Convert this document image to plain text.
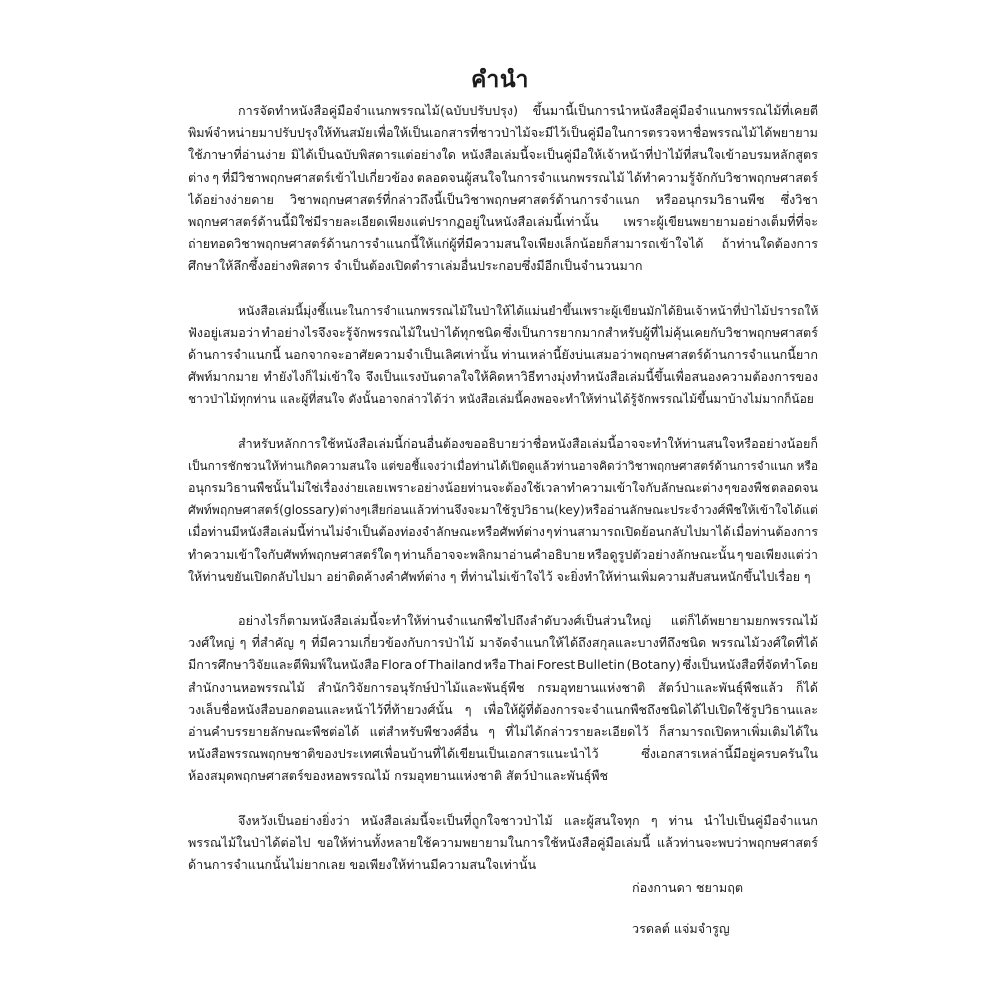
คำนำ
การจัดทำหนังสือคู่มือจำแนกพรรณไม้(ฉบับปรับปรุง) ขึ้นมานี้เป็นการนำหนังสือคู่มือจำแนกพรรณไม้ที่เคยตี
พิมพ์จำหน่ายมาปรับปรุงให้ทันสมัย เพื่อให้เป็นเอกสารที่ชาวป่าไม้จะมีไว้เป็นคู่มือในการตรวจหาชื่อพรรณไม้ ได้พยายาม
ใช้ภาษาที่อ่านง่าย มิได้เป็นฉบับพิสดารแต่อย่างใด หนังสือเล่มนี้จะเป็นคู่มือให้เจ้าหน้าที่ป่าไม้ที่สนใจเข้าอบรมหลักสูตร
ต่าง ๆ ที่มีวิชาพฤกษศาสตร์เข้าไปเกี่ยวข้อง ตลอดจนผู้สนใจในการจำแนกพรรณไม้ ได้ทำความรู้จักกับวิชาพฤกษศาสตร์
ได้อย่างง่ายดาย วิชาพฤกษศาสตร์ที่กล่าวถึงนี้เป็นวิชาพฤกษศาสตร์ด้านการจำแนก หรืออนุกรมวิธานพืช ซึ่งวิชา
พฤกษศาสตร์ด้านนี้มิใช่มีรายละเอียดเพียงแต่ปรากฏอยู่ในหนังสือเล่มนี้เท่านั้น เพราะผู้เขียนพยายามอย่างเต็มที่ที่จะ
ถ่ายทอดวิชาพฤกษศาสตร์ด้านการจำแนกนี้ให้แก่ผู้ที่มีความสนใจเพียงเล็กน้อยก็สามารถเข้าใจได้ ถ้าท่านใดต้องการ
ศึกษาให้ลึกซึ้งอย่างพิสดาร จำเป็นต้องเปิดตำราเล่มอื่นประกอบซึ่งมีอีกเป็นจำนวนมาก
หนังสือเล่มนี้มุ่งชี้แนะในการจำแนกพรรณไม้ในป่าให้ได้แม่นยำขึ้น เพราะผู้เขียนมักได้ยินเจ้าหน้าที่ป่าไม้ปรารถให้
ฟังอยู่เสมอว่า ทำอย่างไรจึงจะรู้จักพรรณไม้ในป่าได้ทุกชนิด ซึ่งเป็นการยากมากสำหรับผู้ที่ไม่คุ้นเคยกับวิชาพฤกษศาสตร์
ด้านการจำแนกนี้ นอกจากจะอาศัยความจำเป็นเลิศเท่านั้น ท่านเหล่านี้ยังบ่นเสมอว่าพฤกษศาสตร์ด้านการจำแนกนี้ยาก
ศัพท์มากมาย ทำยังไงก็ไม่เข้าใจ จึงเป็นแรงบันดาลใจให้คิดหาวิธีทางมุ่งทำหนังสือเล่มนี้ขึ้นเพื่อสนองความต้องการของ
ชาวป่าไม้ทุกท่าน และผู้ที่สนใจ ดังนั้นอาจกล่าวได้ว่า หนังสือเล่มนี้คงพอจะทำให้ท่านได้รู้จักพรรณไม้ขึ้นมาบ้างไม่มากก็น้อย
สำหรับหลักการใช้หนังสือเล่มนี้ก่อนอื่นต้องขออธิบายว่า ชื่อหนังสือเล่มนี้อาจจะทำให้ท่านสนใจ หรืออย่างน้อยก็
เป็นการชักชวนให้ท่านเกิดความสนใจ แต่ขอชี้แจงว่าเมื่อท่านได้เปิดดูแล้วท่านอาจคิดว่าวิชาพฤกษศาสตร์ด้านการจำแนก หรือ
อนุกรมวิธานพืชนั้น ไม่ใช่เรื่องง่ายเลย เพราะอย่างน้อยท่านจะต้องใช้เวลาทำความเข้าใจกับลักษณะต่าง ๆ ของพืช ตลอดจน
ศัพท์พฤกษศาสตร์(glossary) ต่าง ๆ เสียก่อน แล้วท่านจึงจะมาใช้รูปวิธาน (key) หรืออ่านลักษณะประจำวงศ์พืชให้เข้าใจได้ แต่
เมื่อท่านมีหนังสือเล่มนี้ท่านไม่จำเป็นต้องท่องจำลักษณะหรือศัพท์ต่าง ๆ ท่านสามารถเปิดย้อนกลับไปมาได้ เมื่อท่านต้องการ
ทำความเข้าใจกับศัพท์พฤกษศาสตร์ใด ๆ ท่านก็อาจจะพลิกมาอ่านคำอธิบาย หรือดูรูปตัวอย่างลักษณะนั้น ๆ ขอเพียงแต่ว่า
ให้ท่านขยันเปิดกลับไปมา อย่าติดค้างคำศัพท์ต่าง ๆ ที่ท่านไม่เข้าใจไว้ จะยิ่งทำให้ท่านเพิ่มความสับสนหนักขึ้นไปเรื่อย ๆ
อย่างไรก็ตามหนังสือเล่มนี้จะทำให้ท่านจำแนกพืชไปถึงลำดับวงศ์เป็นส่วนใหญ่ แต่ก็ได้พยายามยกพรรณไม้
วงศ์ใหญ่ ๆ ที่สำคัญ ๆ ที่มีความเกี่ยวข้องกับการป่าไม้ มาจัดจำแนกให้ได้ถึงสกุลและบางทีถึงชนิด พรรณไม้วงศ์ใดที่ได้
มีการศึกษาวิจัยและตีพิมพ์ในหนังสือ Flora of Thailand หรือ Thai Forest Bulletin (Botany) ซึ่งเป็นหนังสือที่จัดทำโดย
สำนักงานหอพรรณไม้ สำนักวิจัยการอนุรักษ์ป่าไม้และพันธุ์พืช กรมอุทยานแห่งชาติ สัตว์ป่าและพันธุ์พืชแล้ว ก็ได้
วงเล็บชื่อหนังสือบอกตอนและหน้าไว้ที่ท้ายวงศ์นั้น ๆ เพื่อให้ผู้ที่ต้องการจะจำแนกพืชถึงชนิดได้ไปเปิดใช้รูปวิธานและ
อ่านคำบรรยายลักษณะพืชต่อได้ แต่สำหรับพืชวงศ์อื่น ๆ ที่ไม่ได้กล่าวรายละเอียดไว้ ก็สามารถเปิดหาเพิ่มเติมได้ใน
หนังสือพรรณพฤกษชาติของประเทศเพื่อนบ้านที่ได้เขียนเป็นเอกสารแนะนำไว้	ซึ่งเอกสารเหล่านี้มีอยู่ครบครันใน
ห้องสมุดพฤกษศาสตร์ของหอพรรณไม้ กรมอุทยานแห่งชาติ สัตว์ป่าและพันธุ์พืช
จึงหวังเป็นอย่างยิ่งว่า หนังสือเล่มนี้จะเป็นที่ถูกใจชาวป่าไม้ และผู้สนใจทุก ๆ ท่าน นำไปเป็นคู่มือจำแนก
พรรณไม้ในป่าได้ต่อไป ขอให้ท่านทั้งหลายใช้ความพยายามในการใช้หนังสือคู่มือเล่มนี้ แล้วท่านจะพบว่าพฤกษศาสตร์
ด้านการจำแนกนั้นไม่ยากเลย ขอเพียงให้ท่านมีความสนใจเท่านั้น
ก่องกานดา ชยามฤต
วรดลต์ แจ่มจำรูญ
